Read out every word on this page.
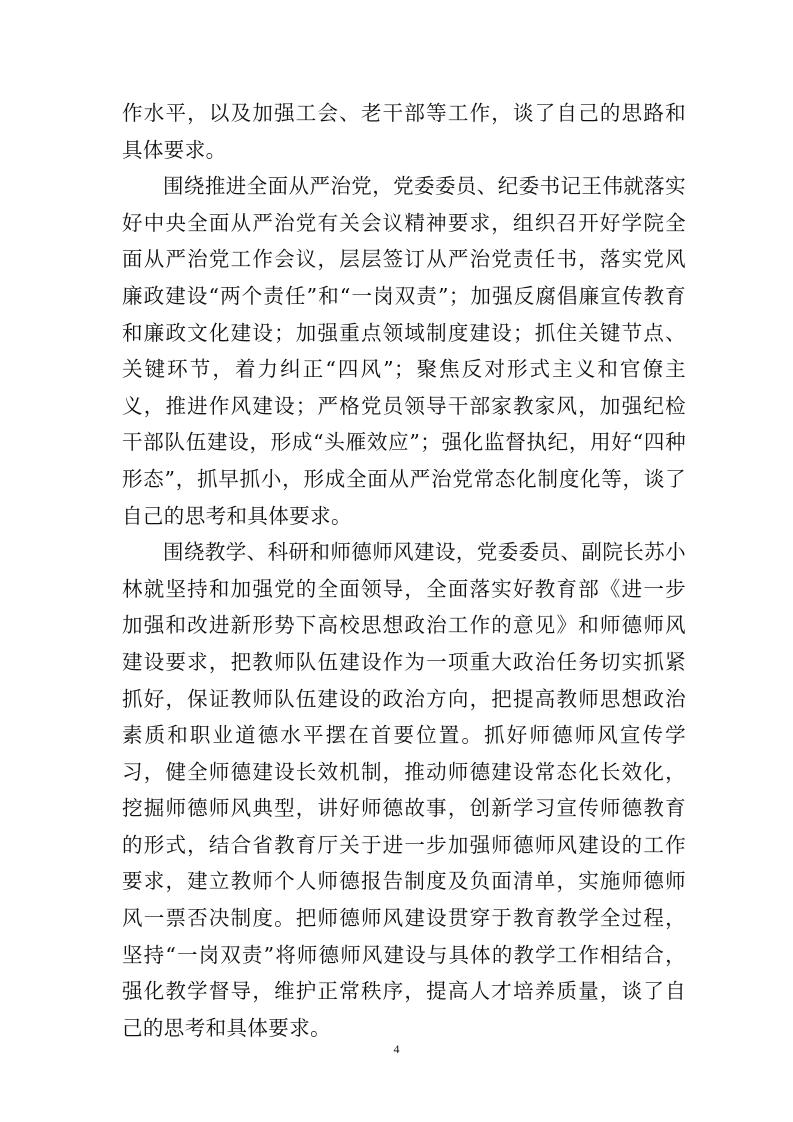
作水平，以及加强工会、老干部等工作，谈了自己的思路和具体要求。

围绕推进全面从严治党，党委委员、纪委书记王伟就落实好中央全面从严治党有关会议精神要求，组织召开好学院全面从严治党工作会议，层层签订从严治党责任书，落实党风廉政建设“两个责任”和“一岗双责”；加强反腐倡廉宣传教育和廉政文化建设；加强重点领域制度建设；抓住关键节点、关键环节，着力纠正“四风”；聚焦反对形式主义和官僚主义，推进作风建设；严格党员领导干部家教家风，加强纪检干部队伍建设，形成“头雁效应”；强化监督执纪，用好“四种形态”，抓早抓小，形成全面从严治党常态化制度化等，谈了自己的思考和具体要求。

围绕教学、科研和师德师风建设，党委委员、副院长苏小林就坚持和加强党的全面领导，全面落实好教育部《进一步加强和改进新形势下高校思想政治工作的意见》和师德师风建设要求，把教师队伍建设作为一项重大政治任务切实抓紧抓好，保证教师队伍建设的政治方向，把提高教师思想政治素质和职业道德水平摆在首要位置。抓好师德师风宣传学习，健全师德建设长效机制，推动师德建设常态化长效化，挖掘师德师风典型，讲好师德故事，创新学习宣传师德教育的形式，结合省教育厅关于进一步加强师德师风建设的工作要求，建立教师个人师德报告制度及负面清单，实施师德师风一票否决制度。把师德师风建设贯穿于教育教学全过程，坚持“一岗双责”将师德师风建设与具体的教学工作相结合，强化教学督导，维护正常秩序，提高人才培养质量，谈了自己的思考和具体要求。

4
